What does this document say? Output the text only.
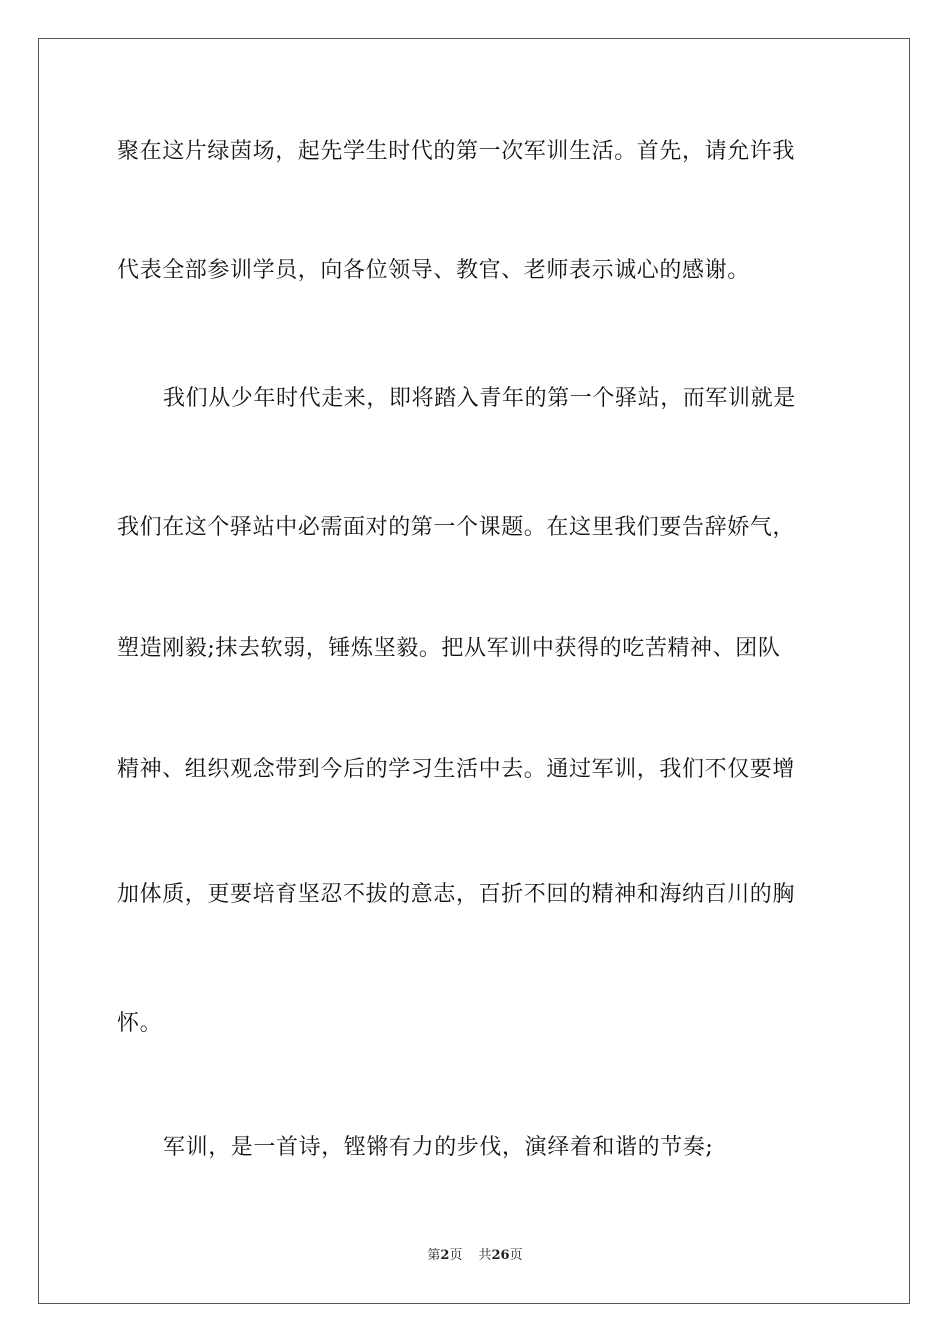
聚在这片绿茵场，起先学生时代的第一次军训生活。首先，请允许我
代表全部参训学员，向各位领导、教官、老师表示诚心的感谢。
我们从少年时代走来，即将踏入青年的第一个驿站，而军训就是
我们在这个驿站中必需面对的第一个课题。在这里我们要告辞娇气，
塑造刚毅;抹去软弱，锤炼坚毅。把从军训中获得的吃苦精神、团队
精神、组织观念带到今后的学习生活中去。通过军训，我们不仅要增
加体质，更要培育坚忍不拔的意志，百折不回的精神和海纳百川的胸
怀。
军训，是一首诗，铿锵有力的步伐，演绎着和谐的节奏;
第2页 共26页
